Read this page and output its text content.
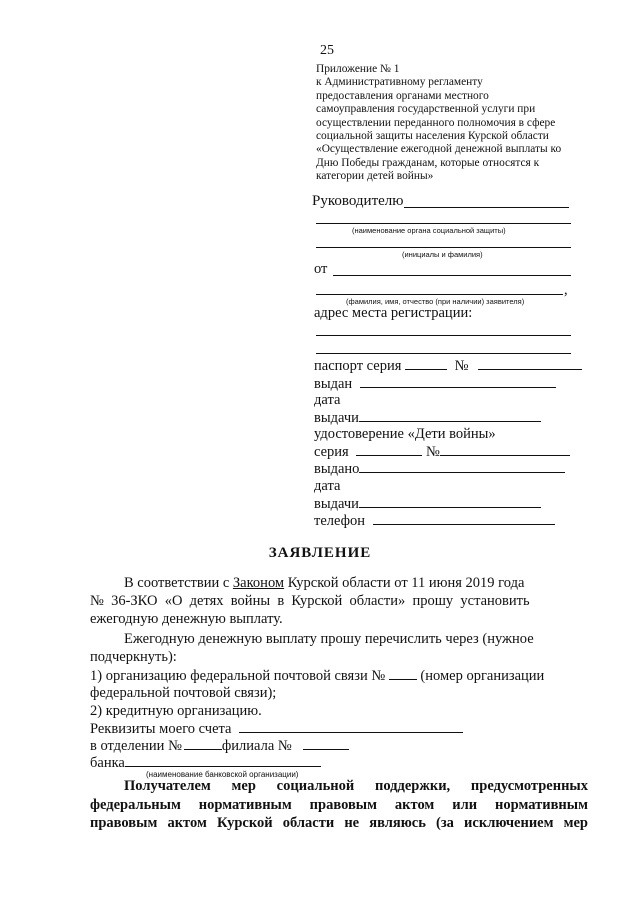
25
Приложение № 1
к Административному регламенту
предоставления органами местного
самоуправления государственной услуги при
осуществлении переданного полномочия в сфере
социальной защиты населения Курской области
«Осуществление ежегодной денежной выплаты ко
Дню Победы гражданам, которые относятся к
категории детей войны»
Руководителю
(наименование органа социальной защиты)
(инициалы и фамилия)
от
,
(фамилия, имя, отчество (при наличии) заявителя)
адрес места регистрации:
паспорт серия	№
выдан
дата
выдачи
удостоверение «Дети войны»
серия	№
выдано
дата
выдачи
телефон
ЗАЯВЛЕНИЕ
В соответствии с Законом Курской области от 11 июня 2019 года
№  36-ЗКО  «О  детях  войны  в  Курской  области»  прошу  установить
ежегодную денежную выплату.
Ежегодную денежную выплату прошу перечислить через (нужное
подчеркнуть):
1) организацию федеральной почтовой связи № (номер организации
федеральной почтовой связи);
2) кредитную организацию.
Реквизиты моего счета
в отделении №	филиала №
банка
(наименование банковской организации)
Получателем   мер   социальной   поддержки,   предусмотренных
федеральным   нормативным   правовым   актом   или   нормативным
правовым  актом  Курской  области  не  являюсь  (за  исключением  мер
